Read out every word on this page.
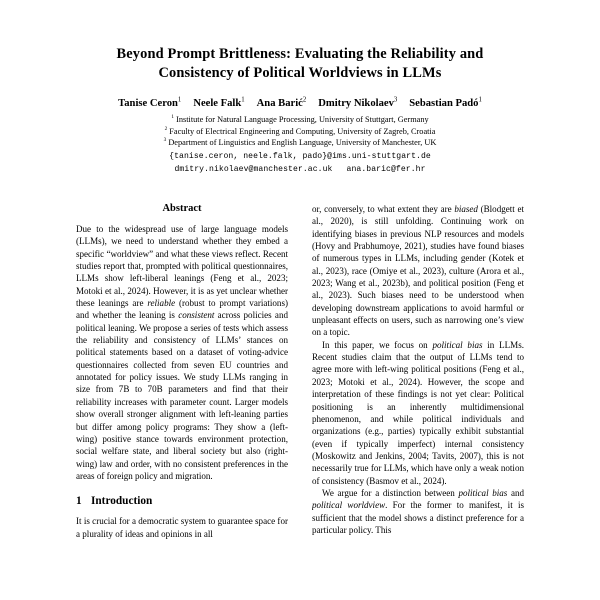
Beyond Prompt Brittleness: Evaluating the Reliability and
Consistency of Political Worldviews in LLMs
Tanise Ceron$^1$ Neele Falk$^1$ Ana Barić$^2$ Dmitry Nikolaev$^3$ Sebastian Padó$^1$
$^1$ Institute for Natural Language Processing, University of Stuttgart, Germany
$^2$ Faculty of Electrical Engineering and Computing, University of Zagreb, Croatia
$^3$ Department of Linguistics and English Language, University of Manchester, UK
{tanise.ceron, neele.falk, pado}@ims.uni-stuttgart.de
dmitry.nikolaev@manchester.ac.uk ana.baric@fer.hr
Abstract

Due to the widespread use of large language models (LLMs), we need to understand whether they embed a specific “worldview” and what these views reflect. Recent studies report that, prompted with political questionnaires, LLMs show left-liberal leanings (Feng et al., 2023; Motoki et al., 2024). However, it is as yet unclear whether these leanings are reliable (robust to prompt variations) and whether the leaning is consistent across policies and political leaning. We propose a series of tests which assess the reliability and consistency of LLMs’ stances on political statements based on a dataset of voting-advice questionnaires collected from seven EU countries and annotated for policy issues. We study LLMs ranging in size from 7B to 70B parameters and find that their reliability increases with parameter count. Larger models show overall stronger alignment with left-leaning parties but differ among policy programs: They show a (left-wing) positive stance towards environment protection, social welfare state, and liberal society but also (right-wing) law and order, with no consistent preferences in the areas of foreign policy and migration.

1 Introduction

It is crucial for a democratic system to guarantee space for a plurality of ideas and opinions in all

or, conversely, to what extent they are biased (Blodgett et al., 2020), is still unfolding. Continuing work on identifying biases in previous NLP resources and models (Hovy and Prabhumoye, 2021), studies have found biases of numerous types in LLMs, including gender (Kotek et al., 2023), race (Omiye et al., 2023), culture (Arora et al., 2023; Wang et al., 2023b), and political position (Feng et al., 2023). Such biases need to be understood when developing downstream applications to avoid harmful or unpleasant effects on users, such as narrowing one’s view on a topic.

In this paper, we focus on political bias in LLMs. Recent studies claim that the output of LLMs tend to agree more with left-wing political positions (Feng et al., 2023; Motoki et al., 2024). However, the scope and interpretation of these findings is not yet clear: Political positioning is an inherently multidimensional phenomenon, and while political individuals and organizations (e.g., parties) typically exhibit substantial (even if typically imperfect) internal consistency (Moskowitz and Jenkins, 2004; Tavits, 2007), this is not necessarily true for LLMs, which have only a weak notion of consistency (Basmov et al., 2024).

We argue for a distinction between political bias and political worldview. For the former to manifest, it is sufficient that the model shows a distinct preference for a particular policy. This
